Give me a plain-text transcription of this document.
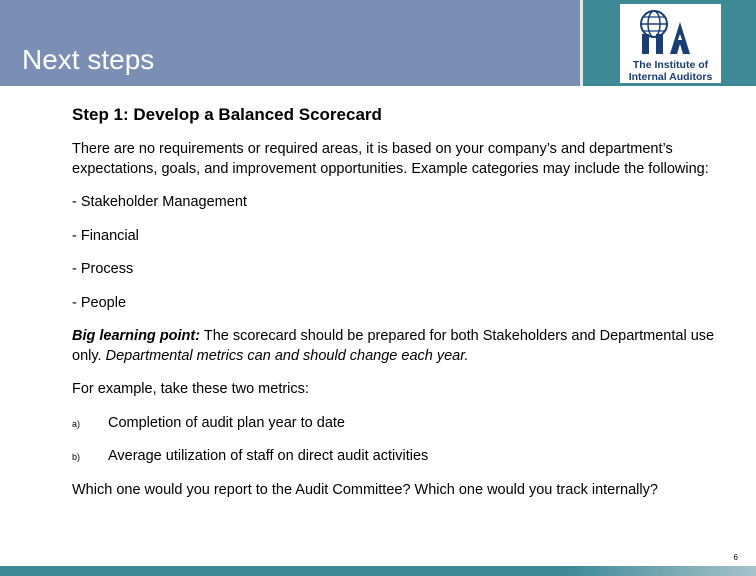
Next steps	The Institute of
Internal Auditors

Step 1: Develop a Balanced Scorecard

There are no requirements or required areas, it is based on your company’s and department’s expectations, goals, and improvement opportunities. Example categories may include the following:

- Stakeholder Management

- Financial

- Process

- People

Big learning point: The scorecard should be prepared for both Stakeholders and Departmental use only. Departmental metrics can and should change each year.

For example, take these two metrics:

a) Completion of audit plan year to date
b) Average utilization of staff on direct audit activities

Which one would you report to the Audit Committee? Which one would you track internally?

6
